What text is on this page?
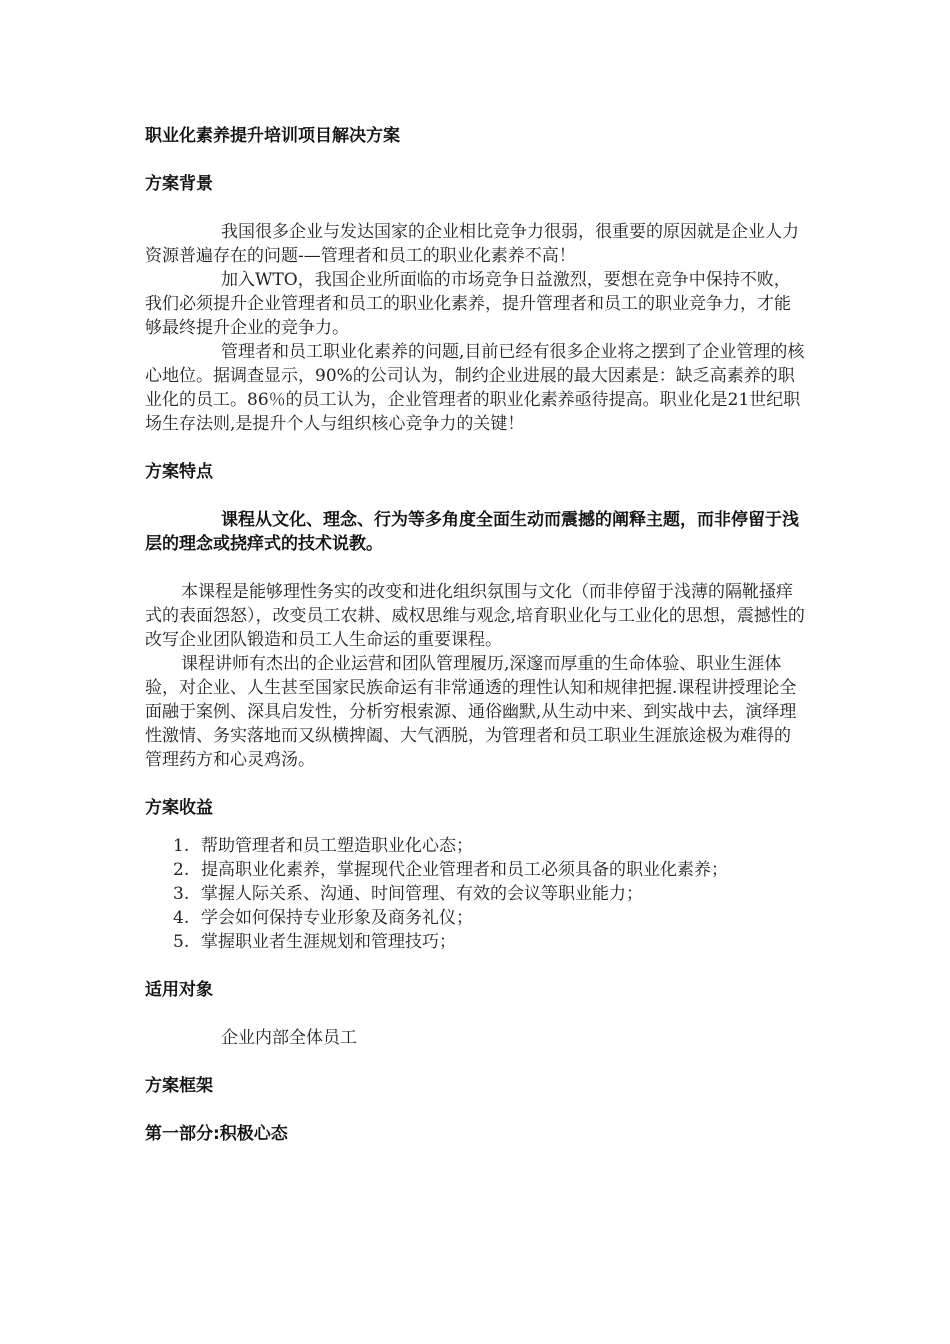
职业化素养提升培训项目解决方案

方案背景

我国很多企业与发达国家的企业相比竞争力很弱，很重要的原因就是企业人力资源普遍存在的问题-—管理者和员工的职业化素养不高！

加入WTO，我国企业所面临的市场竞争日益激烈，要想在竞争中保持不败，我们必须提升企业管理者和员工的职业化素养，提升管理者和员工的职业竞争力，才能够最终提升企业的竞争力。

管理者和员工职业化素养的问题,目前已经有很多企业将之摆到了企业管理的核心地位。据调查显示，90%的公司认为，制约企业进展的最大因素是：缺乏高素养的职业化的员工。86％的员工认为，企业管理者的职业化素养亟待提高。职业化是21世纪职场生存法则,是提升个人与组织核心竞争力的关键！

方案特点

课程从文化、理念、行为等多角度全面生动而震撼的阐释主题，而非停留于浅层的理念或挠痒式的技术说教。

本课程是能够理性务实的改变和进化组织氛围与文化（而非停留于浅薄的隔靴搔痒式的表面怨怒），改变员工农耕、威权思维与观念,培育职业化与工业化的思想，震撼性的改写企业团队锻造和员工人生命运的重要课程。

课程讲师有杰出的企业运营和团队管理履历,深邃而厚重的生命体验、职业生涯体验，对企业、人生甚至国家民族命运有非常通透的理性认知和规律把握.课程讲授理论全面融于案例、深具启发性，分析穷根索源、通俗幽默,从生动中来、到实战中去，演绎理性激情、务实落地而又纵横捭阖、大气洒脱，为管理者和员工职业生涯旅途极为难得的管理药方和心灵鸡汤。

方案收益

1. 帮助管理者和员工塑造职业化心态；
2. 提高职业化素养，掌握现代企业管理者和员工必须具备的职业化素养；
3. 掌握人际关系、沟通、时间管理、有效的会议等职业能力；
4. 学会如何保持专业形象及商务礼仪；
5. 掌握职业者生涯规划和管理技巧；

适用对象

企业内部全体员工

方案框架

第一部分:积极心态
